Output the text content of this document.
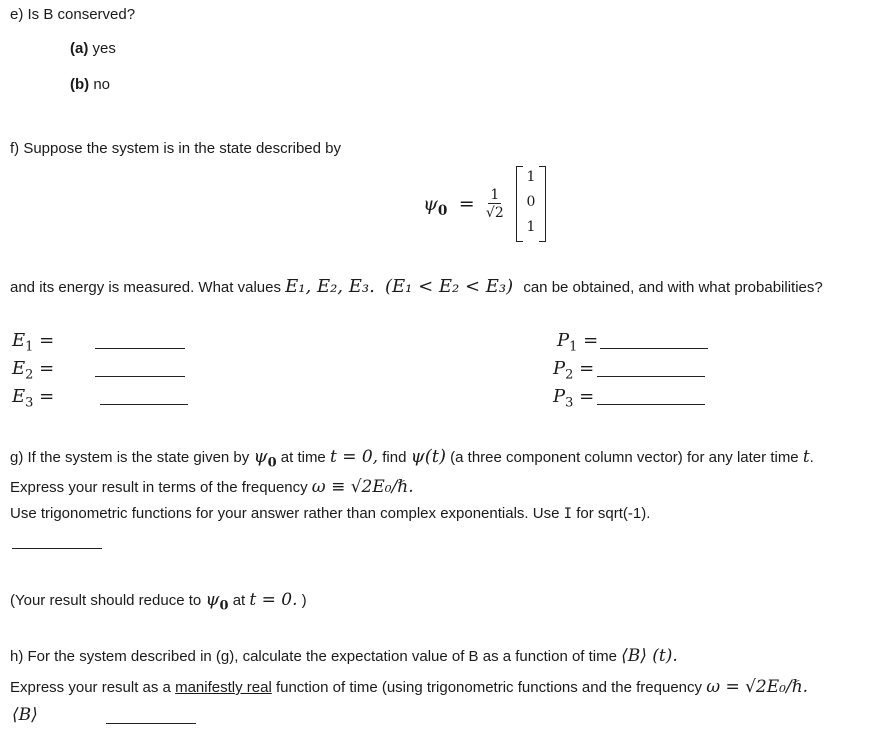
e) Is B conserved?
(a) yes
(b) no
f) Suppose the system is in the state described by
$\psi_0 = \frac{1}{√2}$
1
0
1
and its energy is measured. What values E₁, E₂, E₃. (E₁ < E₂ < E₃) can be obtained, and with what probabilities?
$E_1$ =
$E_2$ =
$E_3$ =
$P_1$ =
$P_2$ =
$P_3$ =
g) If the system is the state given by $\psi_0$ at time t = 0, find ψ(t) (a three component column vector) for any later time t.
Express your result in terms of the frequency ω ≡ √2E₀/ℏ.
Use trigonometric functions for your answer rather than complex exponentials. Use I for sqrt(-1).
(Your result should reduce to $\psi_0$ at t = 0. )
h) For the system described in (g), calculate the expectation value of B as a function of time ⟨B⟩ (t).
Express your result as a manifestly real function of time (using trigonometric functions and the frequency ω = √2E₀/ℏ.
⟨B⟩
